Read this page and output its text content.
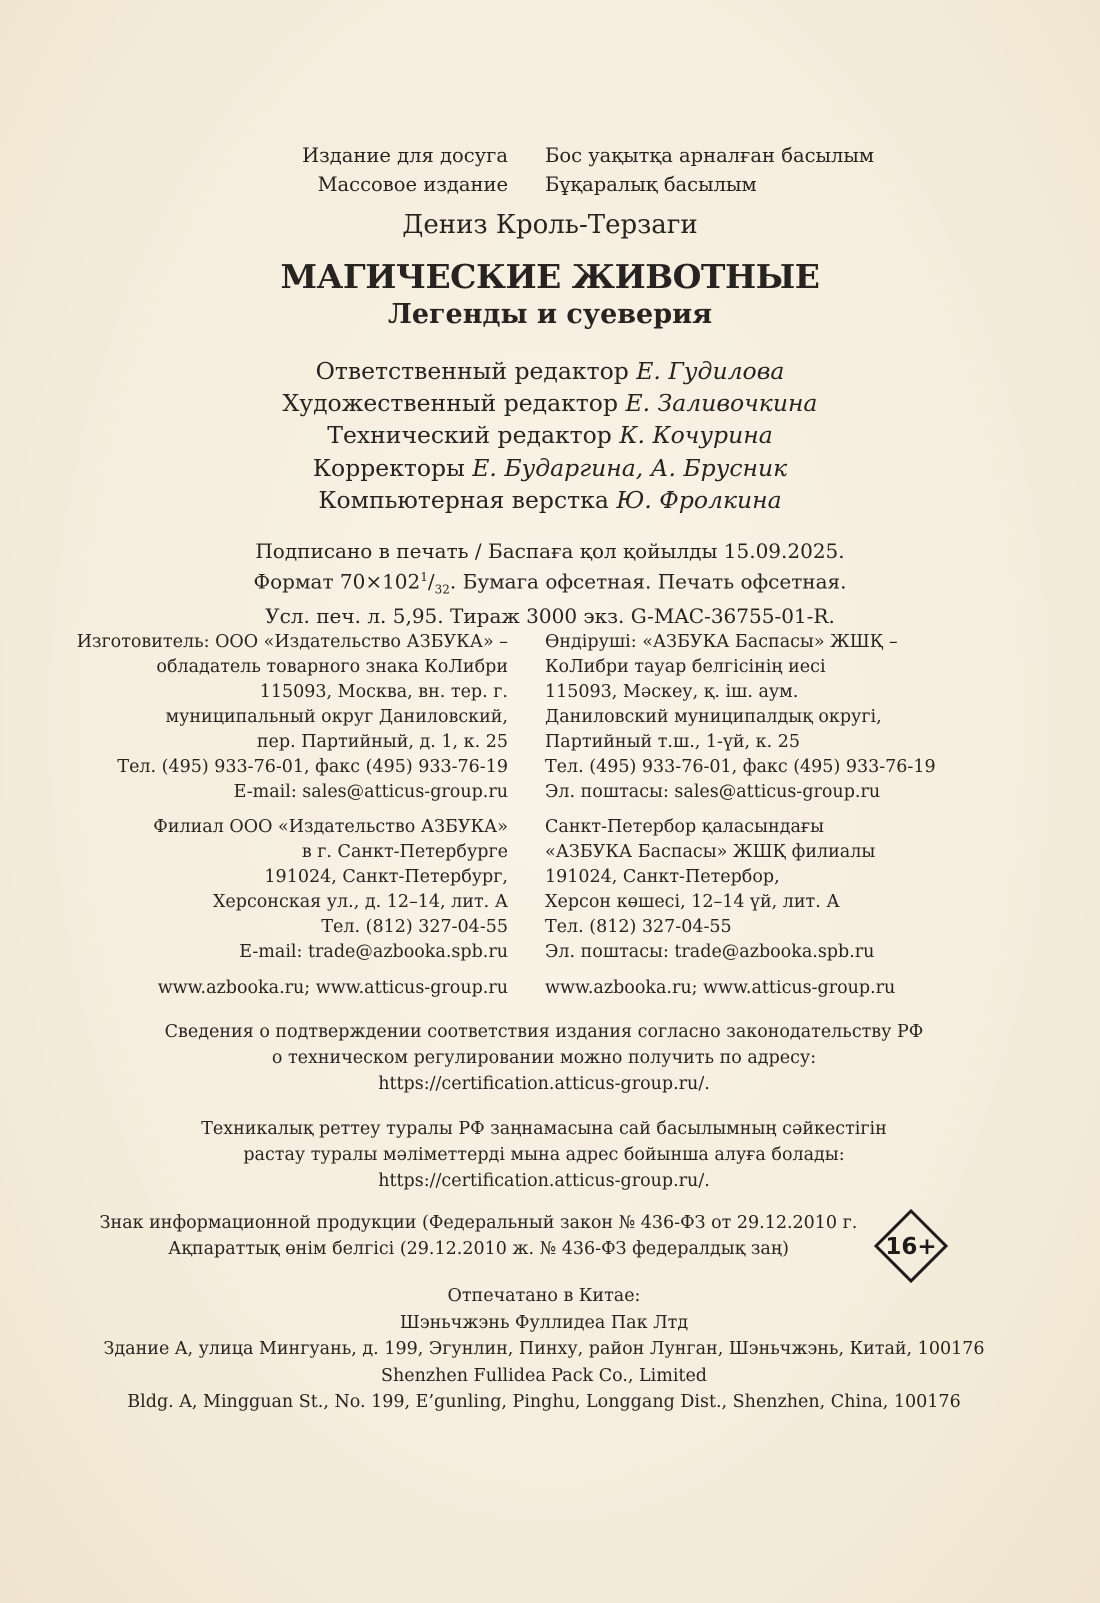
Издание для досуга
Массовое издание
Бос уақытқа арналған басылым
Бұқаралық басылым
Дениз Кроль-Терзаги
МАГИЧЕСКИЕ ЖИВОТНЫЕ
Легенды и суеверия
Ответственный редактор Е. Гудилова
Художественный редактор Е. Заливочкина
Технический редактор К. Кочурина
Корректоры Е. Бударгина, А. Брусник
Компьютерная верстка Ю. Фролкина
Подписано в печать / Баспаға қол қойылды 15.09.2025.
Формат $70\times 102^1/_{32}$. Бумага офсетная. Печать офсетная.
Усл. печ. л. 5,95. Тираж 3000 экз. G-MAC-36755-01-R.
Изготовитель: ООО «Издательство АЗБУКА» –
обладатель товарного знака КоЛибри
115093, Москва, вн. тер. г.
муниципальный округ Даниловский,
пер. Партийный, д. 1, к. 25
Тел. (495) 933-76-01, факс (495) 933-76-19
E-mail: sales@atticus-group.ru
Өндіруші: «АЗБУКА Баспасы» ЖШҚ –
КоЛибри тауар белгісінің иесі
115093, Мәскеу, қ. іш. аум.
Даниловский муниципалдық округі,
Партийный т.ш., 1-үй, к. 25
Тел. (495) 933-76-01, факс (495) 933-76-19
Эл. поштасы: sales@atticus-group.ru
Филиал ООО «Издательство АЗБУКА»
в г. Санкт-Петербурге
191024, Санкт-Петербург,
Херсонская ул., д. 12–14, лит. А
Тел. (812) 327-04-55
E-mail: trade@azbooka.spb.ru
Санкт-Петербор қаласындағы
«АЗБУКА Баспасы» ЖШҚ филиалы
191024, Санкт-Петербор,
Херсон көшесі, 12–14 үй, лит. А
Тел. (812) 327-04-55
Эл. поштасы: trade@azbooka.spb.ru
www.azbooka.ru; www.atticus-group.ru	www.azbooka.ru; www.atticus-group.ru
Сведения о подтверждении соответствия издания согласно законодательству РФ
о техническом регулировании можно получить по адресу:
https://certification.atticus-group.ru/.
Техникалық реттеу туралы РФ заңнамасына сай басылымның сәйкестігін
растау туралы мәліметтерді мына адрес бойынша алуға болады:
https://certification.atticus-group.ru/.
Знак информационной продукции (Федеральный закон № 436-ФЗ от 29.12.2010 г.
Ақпараттық өнім белгісі (29.12.2010 ж. № 436-ФЗ федералдық заң)	16+
Отпечатано в Китае:
Шэньчжэнь Фуллидеа Пак Лтд
Здание A, улица Мингуань, д. 199, Эгунлин, Пинху, район Лунган, Шэньчжэнь, Китай, 100176
Shenzhen Fullidea Pack Co., Limited
Bldg. A, Mingguan St., No. 199, E’gunling, Pinghu, Longgang Dist., Shenzhen, China, 100176
